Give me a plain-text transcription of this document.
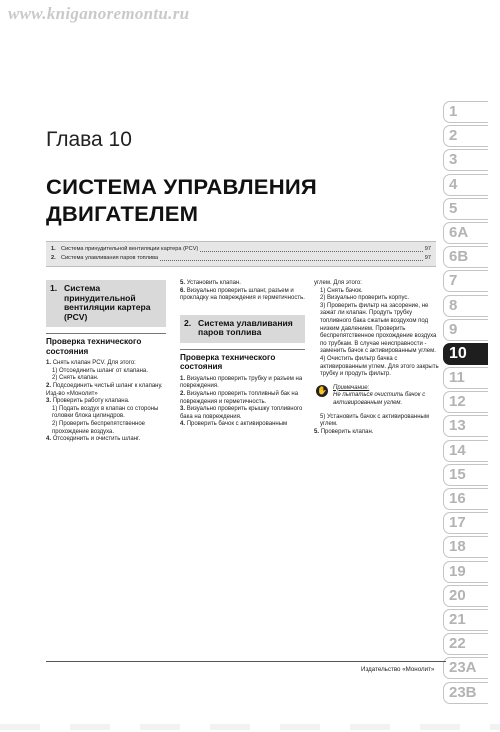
www.kniganoremontu.ru
Глава 10
СИСТЕМА УПРАВЛЕНИЯ ДВИГАТЕЛЕМ
1. Система принудительной вентиляции картера (PCV)	97
2. Система улавливания паров топлива	97
1. Система принудительной вентиляции картера (PCV)
Проверка технического состояния

1. Снять клапан PCV. Для этого:

1) Отсоединить шланг от клапана.

2) Снять клапан.

2. Подсоединить чистый шланг к клапану. Изд-во «Монолит»

3. Проверить работу клапана.

1) Подать воздух в клапан со стороны головки блока цилиндров.

2) Проверить беспрепятственное прохождение воздуха.

4. Отсоединить и очистить шланг.

5. Установить клапан.

6. Визуально проверить шланг, разъем и прокладку на повреждения и герметичность.

2. Система улавливания паров топлива
Проверка технического состояния

1. Визуально проверить трубку и разъем на повреждения.

2. Визуально проверить топливный бак на повреждения и герметичность.

3. Визуально проверить крышку топливного бака на повреждения.

4. Проверить бачок с активированным

углем. Для этого:

1) Снять бачок.

2) Визуально проверить корпус.

3) Проверить фильтр на засорение, не зажат ли клапан. Продуть трубку топливного бака сжатым воздухом под низким давлением. Проверить беспрепятственное прохождение воздуха по трубкам. В случае неисправности - заменить бачок с активированным углем.

4) Очистить фильтр бачка с активированным углем. Для этого закрыть трубку и продуть фильтр.

✋ Примечание:
Не пытаться очистить бачок с активированным углем.

5) Установить бачок с активированным углем.

5. Проверить клапан.

1
2
3
4
5
6А
6В
7
8
9
10
11
12
13
14
15
16
17
18
19
20
21
22
23А
23В
Издательство «Монолит»
